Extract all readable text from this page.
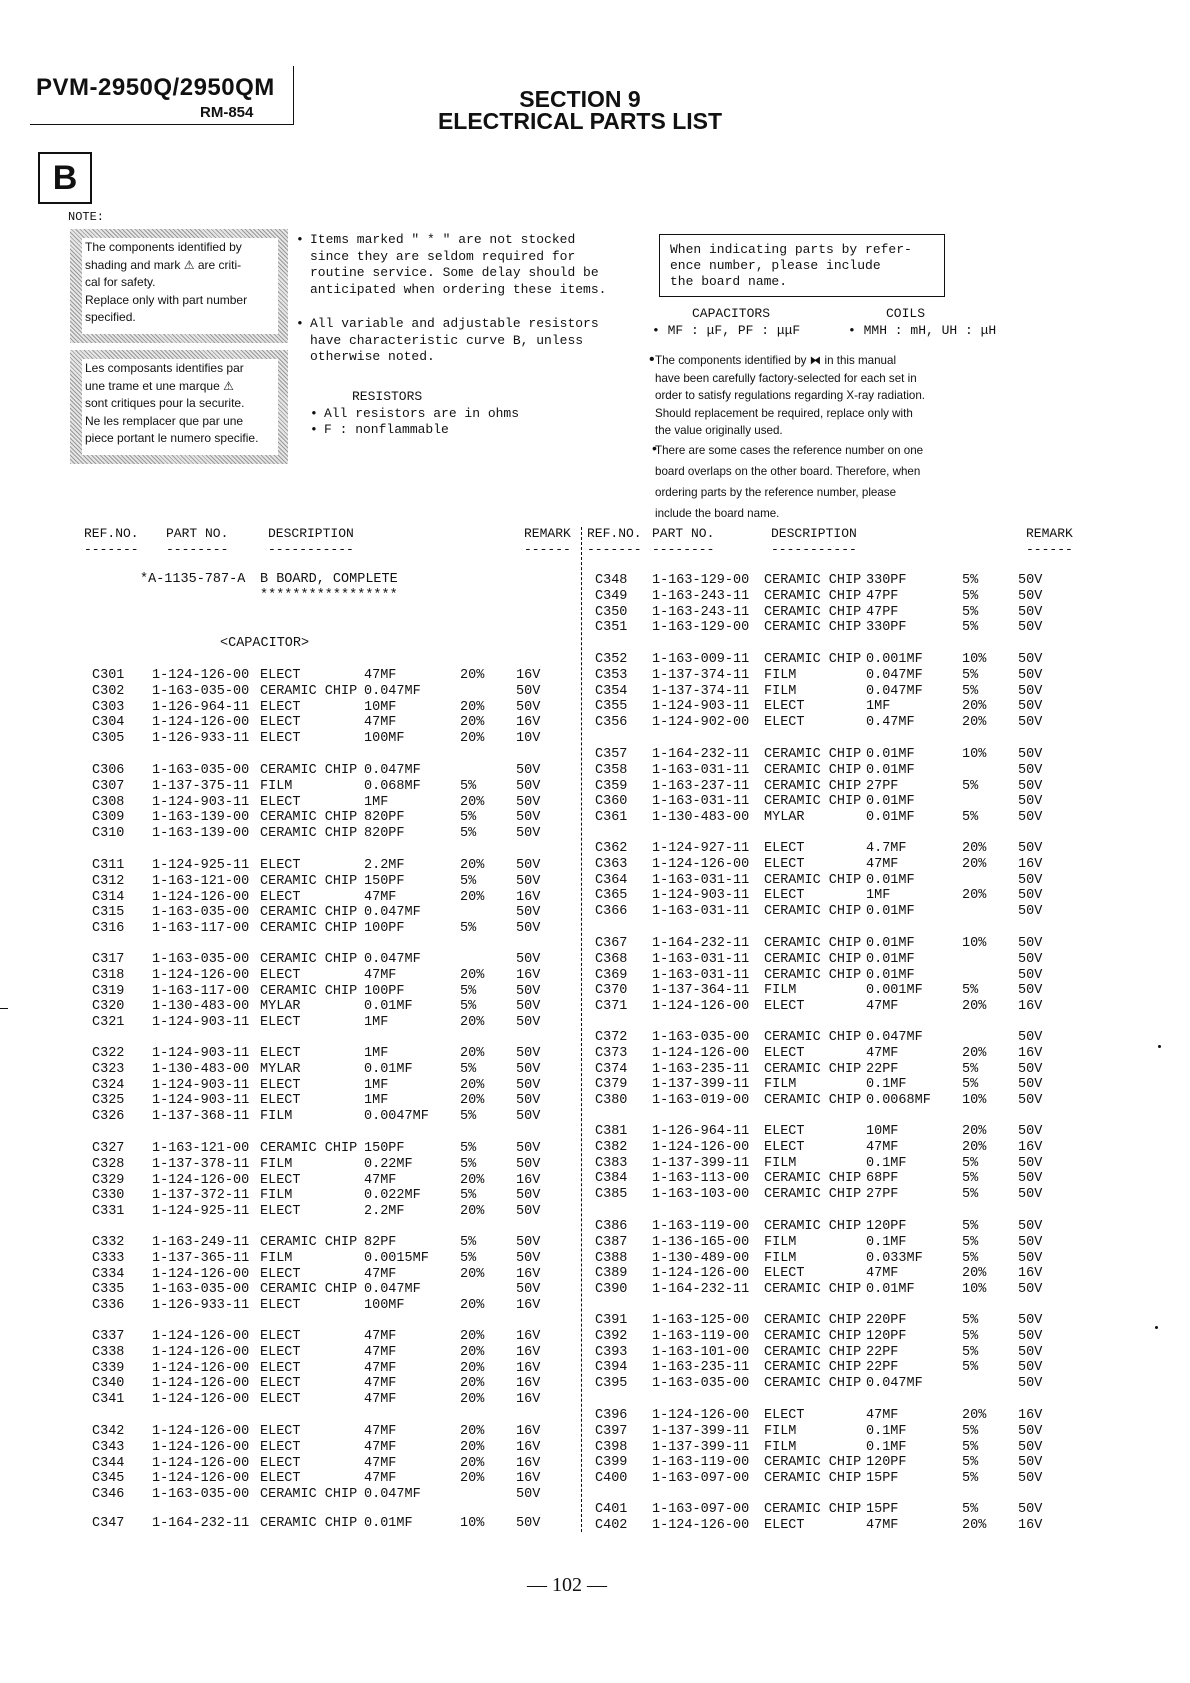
PVM-2950Q/2950QM
RM-854
SECTION 9
ELECTRICAL PARTS LIST
B
NOTE:
The components identified by
shading and mark ⚠ are criti-
cal for safety.
Replace only with part number
specified.
Les composants identifies par
une trame et une marque ⚠
sont critiques pour la securite.
Ne les remplacer que par une
piece portant le numero specifie.
• Items marked " * " are not stocked
since they are seldom required for
routine service. Some delay should be
anticipated when ordering these items.
• All variable and adjustable resistors
have characteristic curve B, unless
otherwise noted.
RESISTORS
• All resistors are in ohms
• F : nonflammable
When indicating parts by refer-
ence number, please include
the board name.
CAPACITORS	COILS
• MF : μF, PF : μμF	• MMH : mH, UH : μH
• The components identified by ⧓ in this manual
have been carefully factory-selected for each set in
order to satisfy regulations regarding X-ray radiation.
Should replacement be required, replace only with
the value originally used.
•
There are some cases the reference number on one
board overlaps on the other board. Therefore, when
ordering parts by the reference number, please
include the board name.
REF.NO. PART NO.	DESCRIPTION	REMARK
------- --------	-----------	------
REF.NO. PART NO.	DESCRIPTION	REMARK
------- --------	-----------	------
*A-1135-787-A B BOARD, COMPLETE
*****************
<CAPACITOR>
C301 1-124-126-00 ELECT	47MF	20% 16V
C302 1-163-035-00 CERAMIC CHIP 0.047MF	50V
C303 1-126-964-11 ELECT	10MF	20% 50V
C304 1-124-126-00 ELECT	47MF	20% 16V
C305 1-126-933-11 ELECT	100MF	20% 10V
C306 1-163-035-00 CERAMIC CHIP 0.047MF	50V
C307 1-137-375-11 FILM	0.068MF	5%	50V
C308 1-124-903-11 ELECT	1MF	20% 50V
C309 1-163-139-00 CERAMIC CHIP 820PF	5%	50V
C310 1-163-139-00 CERAMIC CHIP 820PF	5%	50V
C311 1-124-925-11 ELECT	2.2MF	20% 50V
C312 1-163-121-00 CERAMIC CHIP 150PF	5%	50V
C314 1-124-126-00 ELECT	47MF	20% 16V
C315 1-163-035-00 CERAMIC CHIP 0.047MF	50V
C316 1-163-117-00 CERAMIC CHIP 100PF	5%	50V
C317 1-163-035-00 CERAMIC CHIP 0.047MF	50V
C318 1-124-126-00 ELECT	47MF	20% 16V
C319 1-163-117-00 CERAMIC CHIP 100PF	5%	50V
C320 1-130-483-00 MYLAR	0.01MF	5%	50V
C321 1-124-903-11 ELECT	1MF	20% 50V
C322 1-124-903-11 ELECT	1MF	20% 50V
C323 1-130-483-00 MYLAR	0.01MF	5%	50V
C324 1-124-903-11 ELECT	1MF	20% 50V
C325 1-124-903-11 ELECT	1MF	20% 50V
C326 1-137-368-11 FILM	0.0047MF 5%	50V
C327 1-163-121-00 CERAMIC CHIP 150PF	5%	50V
C328 1-137-378-11 FILM	0.22MF	5%	50V
C329 1-124-126-00 ELECT	47MF	20% 16V
C330 1-137-372-11 FILM	0.022MF	5%	50V
C331 1-124-925-11 ELECT	2.2MF	20% 50V
C332 1-163-249-11 CERAMIC CHIP 82PF	5%	50V
C333 1-137-365-11 FILM	0.0015MF 5%	50V
C334 1-124-126-00 ELECT	47MF	20% 16V
C335 1-163-035-00 CERAMIC CHIP 0.047MF	50V
C336 1-126-933-11 ELECT	100MF	20% 16V
C337 1-124-126-00 ELECT	47MF	20% 16V
C338 1-124-126-00 ELECT	47MF	20% 16V
C339 1-124-126-00 ELECT	47MF	20% 16V
C340 1-124-126-00 ELECT	47MF	20% 16V
C341 1-124-126-00 ELECT	47MF	20% 16V
C342 1-124-126-00 ELECT	47MF	20% 16V
C343 1-124-126-00 ELECT	47MF	20% 16V
C344 1-124-126-00 ELECT	47MF	20% 16V
C345 1-124-126-00 ELECT	47MF	20% 16V
C346 1-163-035-00 CERAMIC CHIP 0.047MF	50V
C347 1-164-232-11 CERAMIC CHIP 0.01MF	10% 50V
C348 1-163-129-00 CERAMIC CHIP 330PF	5%	50V
C349 1-163-243-11 CERAMIC CHIP 47PF	5%	50V
C350 1-163-243-11 CERAMIC CHIP 47PF	5%	50V
C351 1-163-129-00 CERAMIC CHIP 330PF	5%	50V
C352 1-163-009-11 CERAMIC CHIP 0.001MF	10% 50V
C353 1-137-374-11 FILM	0.047MF	5%	50V
C354 1-137-374-11 FILM	0.047MF	5%	50V
C355 1-124-903-11 ELECT	1MF	20% 50V
C356 1-124-902-00 ELECT	0.47MF	20% 50V
C357 1-164-232-11 CERAMIC CHIP 0.01MF	10% 50V
C358 1-163-031-11 CERAMIC CHIP 0.01MF	50V
C359 1-163-237-11 CERAMIC CHIP 27PF	5%	50V
C360 1-163-031-11 CERAMIC CHIP 0.01MF	50V
C361 1-130-483-00 MYLAR	0.01MF	5%	50V
C362 1-124-927-11 ELECT	4.7MF	20% 50V
C363 1-124-126-00 ELECT	47MF	20% 16V
C364 1-163-031-11 CERAMIC CHIP 0.01MF	50V
C365 1-124-903-11 ELECT	1MF	20% 50V
C366 1-163-031-11 CERAMIC CHIP 0.01MF	50V
C367 1-164-232-11 CERAMIC CHIP 0.01MF	10% 50V
C368 1-163-031-11 CERAMIC CHIP 0.01MF	50V
C369 1-163-031-11 CERAMIC CHIP 0.01MF	50V
C370 1-137-364-11 FILM	0.001MF	5%	50V
C371 1-124-126-00 ELECT	47MF	20% 16V
C372 1-163-035-00 CERAMIC CHIP 0.047MF	50V
C373 1-124-126-00 ELECT	47MF	20% 16V
C374 1-163-235-11 CERAMIC CHIP 22PF	5%	50V
C379 1-137-399-11 FILM	0.1MF	5%	50V
C380 1-163-019-00 CERAMIC CHIP 0.0068MF 10% 50V
C381 1-126-964-11 ELECT	10MF	20% 50V
C382 1-124-126-00 ELECT	47MF	20% 16V
C383 1-137-399-11 FILM	0.1MF	5%	50V
C384 1-163-113-00 CERAMIC CHIP 68PF	5%	50V
C385 1-163-103-00 CERAMIC CHIP 27PF	5%	50V
C386 1-163-119-00 CERAMIC CHIP 120PF	5%	50V
C387 1-136-165-00 FILM	0.1MF	5%	50V
C388 1-130-489-00 FILM	0.033MF	5%	50V
C389 1-124-126-00 ELECT	47MF	20% 16V
C390 1-164-232-11 CERAMIC CHIP 0.01MF	10% 50V
C391 1-163-125-00 CERAMIC CHIP 220PF	5%	50V
C392 1-163-119-00 CERAMIC CHIP 120PF	5%	50V
C393 1-163-101-00 CERAMIC CHIP 22PF	5%	50V
C394 1-163-235-11 CERAMIC CHIP 22PF	5%	50V
C395 1-163-035-00 CERAMIC CHIP 0.047MF	50V
C396 1-124-126-00 ELECT	47MF	20% 16V
C397 1-137-399-11 FILM	0.1MF	5%	50V
C398 1-137-399-11 FILM	0.1MF	5%	50V
C399 1-163-119-00 CERAMIC CHIP 120PF	5%	50V
C400 1-163-097-00 CERAMIC CHIP 15PF	5%	50V
C401 1-163-097-00 CERAMIC CHIP 15PF	5%	50V
C402 1-124-126-00 ELECT	47MF	20% 16V
— 102 —
